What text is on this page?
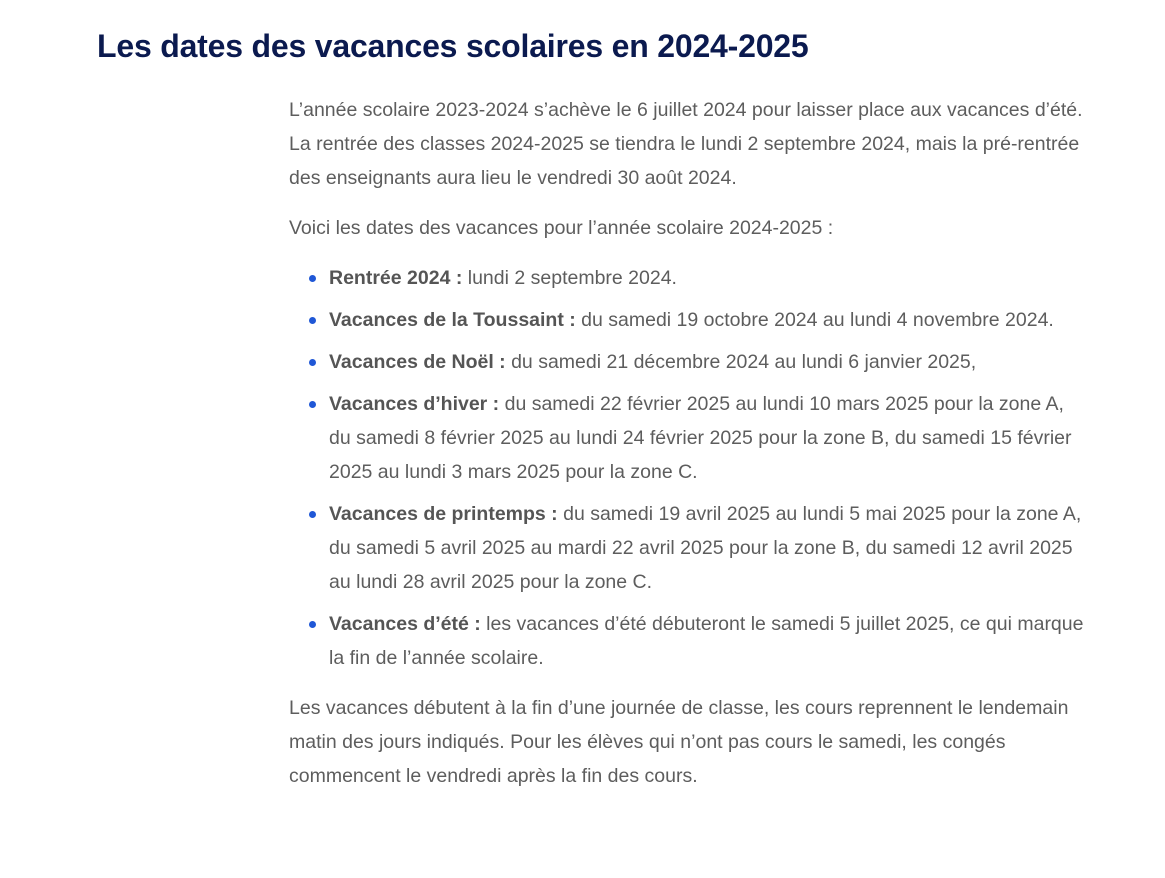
Les dates des vacances scolaires en 2024-2025

L’année scolaire 2023-2024 s’achève le 6 juillet 2024 pour laisser place aux vacances d’été. La rentrée des classes 2024-2025 se tiendra le lundi 2 septembre 2024, mais la pré-rentrée des enseignants aura lieu le vendredi 30 août 2024.

Voici les dates des vacances pour l’année scolaire 2024-2025 :

Rentrée 2024 : lundi 2 septembre 2024.
Vacances de la Toussaint : du samedi 19 octobre 2024 au lundi 4 novembre 2024.
Vacances de Noël : du samedi 21 décembre 2024 au lundi 6 janvier 2025,
Vacances d’hiver : du samedi 22 février 2025 au lundi 10 mars 2025 pour la zone A, du samedi 8 février 2025 au lundi 24 février 2025 pour la zone B, du samedi 15 février 2025 au lundi 3 mars 2025 pour la zone C.
Vacances de printemps : du samedi 19 avril 2025 au lundi 5 mai 2025 pour la zone A, du samedi 5 avril 2025 au mardi 22 avril 2025 pour la zone B, du samedi 12 avril 2025 au lundi 28 avril 2025 pour la zone C.
Vacances d’été : les vacances d’été débuteront le samedi 5 juillet 2025, ce qui marque la fin de l’année scolaire.

Les vacances débutent à la fin d’une journée de classe, les cours reprennent le lendemain matin des jours indiqués. Pour les élèves qui n’ont pas cours le samedi, les congés commencent le vendredi après la fin des cours.
